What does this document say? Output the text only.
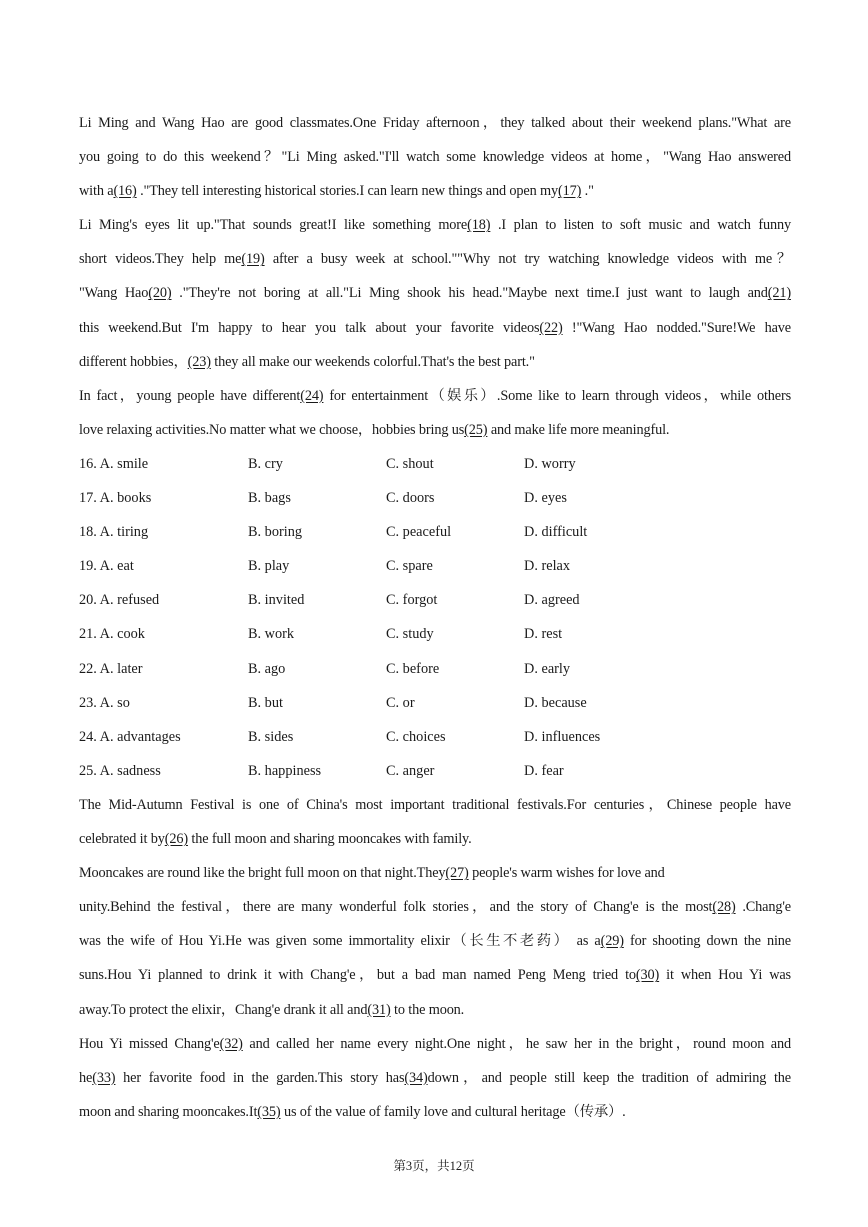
Li Ming and Wang Hao are good classmates.One Friday afternoon，they talked about their weekend plans."What are
you going to do this weekend？"Li Ming asked."I'll watch some knowledge videos at home，"Wang Hao answered
with a(16) ."They tell interesting historical stories.I can learn new things and open my(17) ."
Li Ming's eyes lit up."That sounds great!I like something more(18) .I plan to listen to soft music and watch funny
short videos.They help me(19) after a busy week at school.""Why not try watching knowledge videos with me？
"Wang Hao(20) ."They're not boring at all."Li Ming shook his head."Maybe next time.I just want to laugh and(21)
this weekend.But I'm happy to hear you talk about your favorite videos(22) !"Wang Hao nodded."Sure!We have
different hobbies，(23) they all make our weekends colorful.That's the best part."
In fact，young people have different(24) for entertainment（娱乐）.Some like to learn through videos，while others
love relaxing activities.No matter what we choose，hobbies bring us(25) and make life more meaningful.
16. A. smile	B. cry	C. shout	D. worry
17. A. books	B. bags	C. doors	D. eyes
18. A. tiring	B. boring	C. peaceful	D. difficult
19. A. eat	B. play	C. spare	D. relax
20. A. refused	B. invited	C. forgot	D. agreed
21. A. cook	B. work	C. study	D. rest
22. A. later	B. ago	C. before	D. early
23. A. so	B. but	C. or	D. because
24. A. advantages	B. sides	C. choices	D. influences
25. A. sadness	B. happiness	C. anger	D. fear
The Mid-Autumn Festival is one of China's most important traditional festivals.For centuries，Chinese people have
celebrated it by(26) the full moon and sharing mooncakes with family.
Mooncakes are round like the bright full moon on that night.They(27) people's warm wishes for love and
unity.Behind the festival，there are many wonderful folk stories，and the story of Chang'e is the most(28) .Chang'e
was the wife of Hou Yi.He was given some immortality elixir（长生不老药） as a(29) for shooting down the nine
suns.Hou Yi planned to drink it with Chang'e，but a bad man named Peng Meng tried to(30) it when Hou Yi was
away.To protect the elixir，Chang'e drank it all and(31) to the moon.
Hou Yi missed Chang'e(32) and called her name every night.One night，he saw her in the bright，round moon and
he(33) her favorite food in the garden.This story has(34)down，and people still keep the tradition of admiring the
moon and sharing mooncakes.It(35) us of the value of family love and cultural heritage（传承）.
第3页，共12页
